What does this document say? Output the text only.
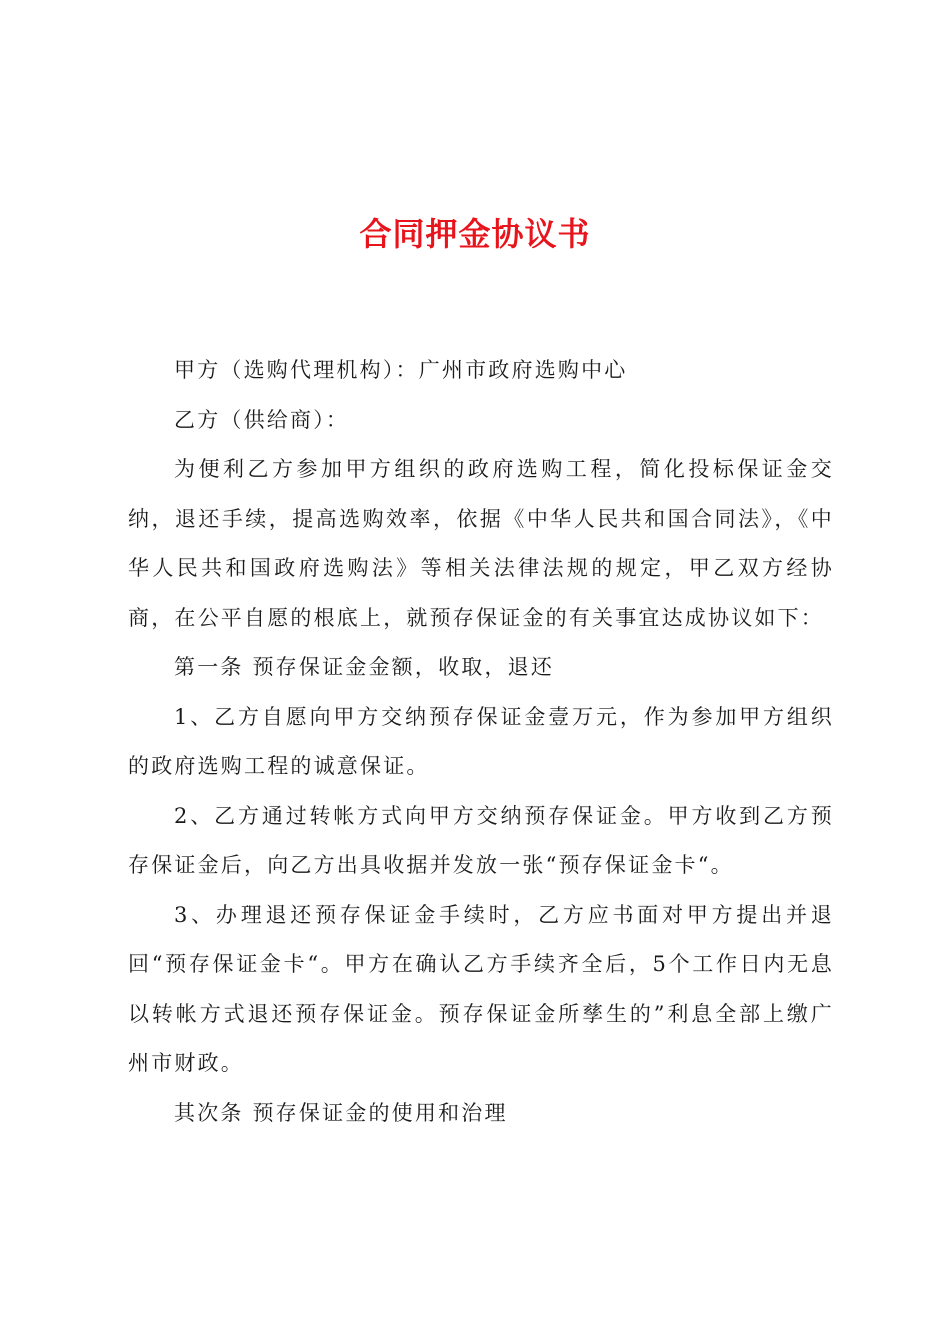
合同押金协议书

甲方（选购代理机构）：广州市政府选购中心

乙方（供给商）：

为便利乙方参加甲方组织的政府选购工程，简化投标保证金交纳，退还手续，提高选购效率，依据《中华人民共和国合同法》，《中华人民共和国政府选购法》等相关法律法规的规定，甲乙双方经协商，在公平自愿的根底上，就预存保证金的有关事宜达成协议如下：

第一条 预存保证金金额，收取，退还

1、乙方自愿向甲方交纳预存保证金壹万元，作为参加甲方组织的政府选购工程的诚意保证。

2、乙方通过转帐方式向甲方交纳预存保证金。甲方收到乙方预存保证金后，向乙方出具收据并发放一张“预存保证金卡“。

3、办理退还预存保证金手续时，乙方应书面对甲方提出并退回“预存保证金卡“。甲方在确认乙方手续齐全后，5个工作日内无息以转帐方式退还预存保证金。预存保证金所孳生的”利息全部上缴广州市财政。

其次条 预存保证金的使用和治理
